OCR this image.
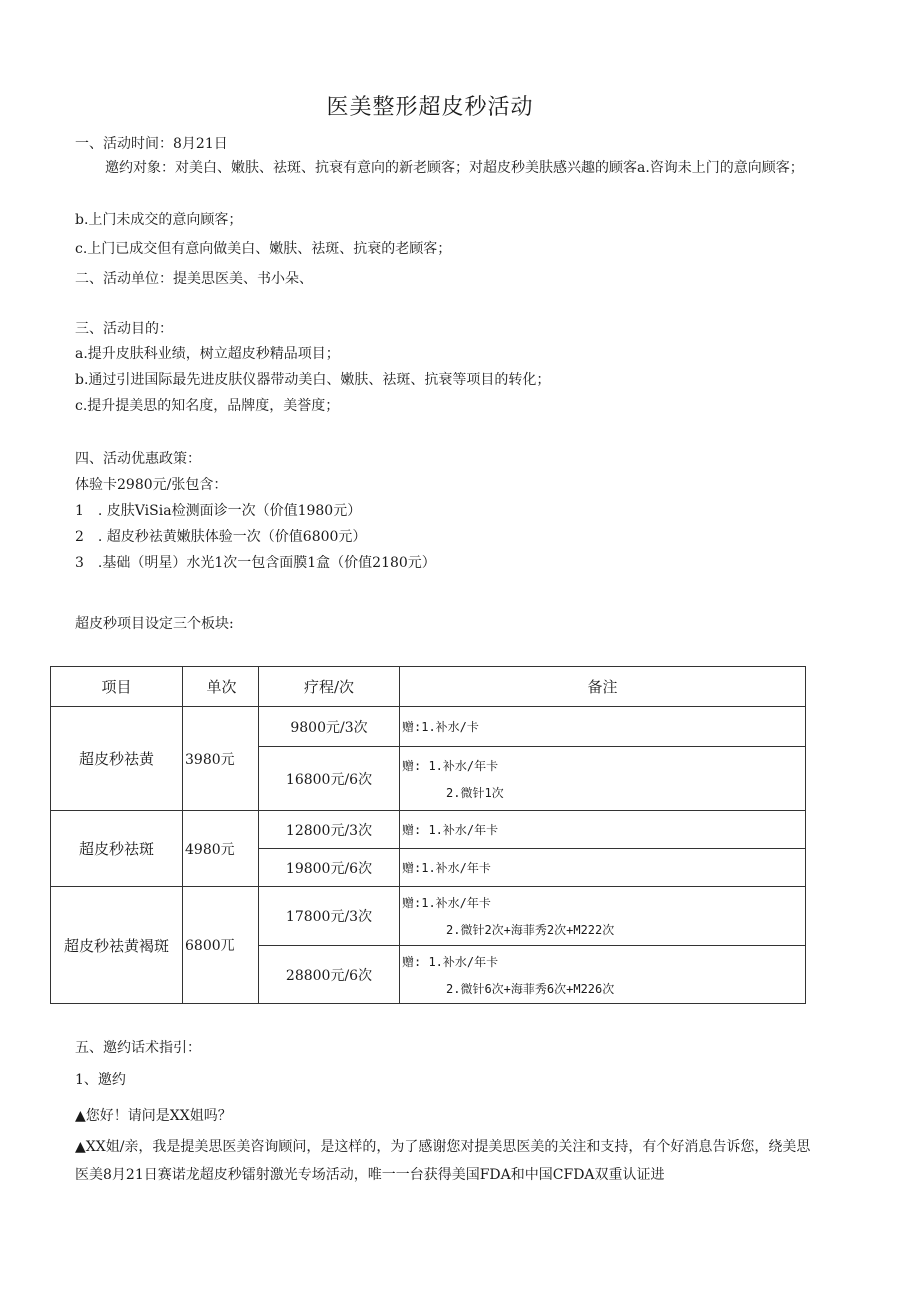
医美整形超皮秒活动
一、活动时间：8月21日
邀约对象：对美白、嫩肤、祛斑、抗衰有意向的新老顾客；对超皮秒美肤感兴趣的顾客a.咨询未上门的意向顾客；
b.上门未成交的意向顾客；
c.上门已成交但有意向做美白、嫩肤、祛斑、抗衰的老顾客；
二、活动单位：提美思医美、书小朵、
三、活动目的：
a.提升皮肤科业绩，树立超皮秒精品项目；
b.通过引进国际最先进皮肤仪器带动美白、嫩肤、祛斑、抗衰等项目的转化；
c.提升提美思的知名度，品牌度，美誉度；
四、活动优惠政策：
体验卡2980元/张包含：
1　. 皮肤ViSia检测面诊一次（价值1980元）
2　. 超皮秒祛黄嫩肤体验一次（价值6800元）
3　.基础（明星）水光1次一包含面膜1盒（价值2180元）
超皮秒项目设定三个板块:
项目	单次	疗程/次	备注
超皮秒祛黄	3980元	9800元/3次	赠:1.补水/卡

		16800元/6次	赠: 1.补水/年卡
2.微针1次

超皮秒祛斑	4980元	12800元/3次	赠: 1.补水/年卡

		19800元/6次	赠:1.补水/年卡

超皮秒祛黄褐斑	6800兀	17800元/3次	赠:1.补水/年卡
2.微针2次+海菲秀2次+M222次

		28800元/6次	赠: 1.补水/年卡
2.微针6次+海菲秀6次+M226次
五、邀约话术指引：
1、邀约
▲您好！请问是XX姐吗？
▲XX姐/亲，我是提美思医美咨询顾问，是这样的，为了感谢您对提美思医美的关注和支持，有个好消息告诉您，绕美思医美8月21日赛诺龙超皮秒镭射激光专场活动，唯一一台获得美国FDA和中国CFDA双重认证进
